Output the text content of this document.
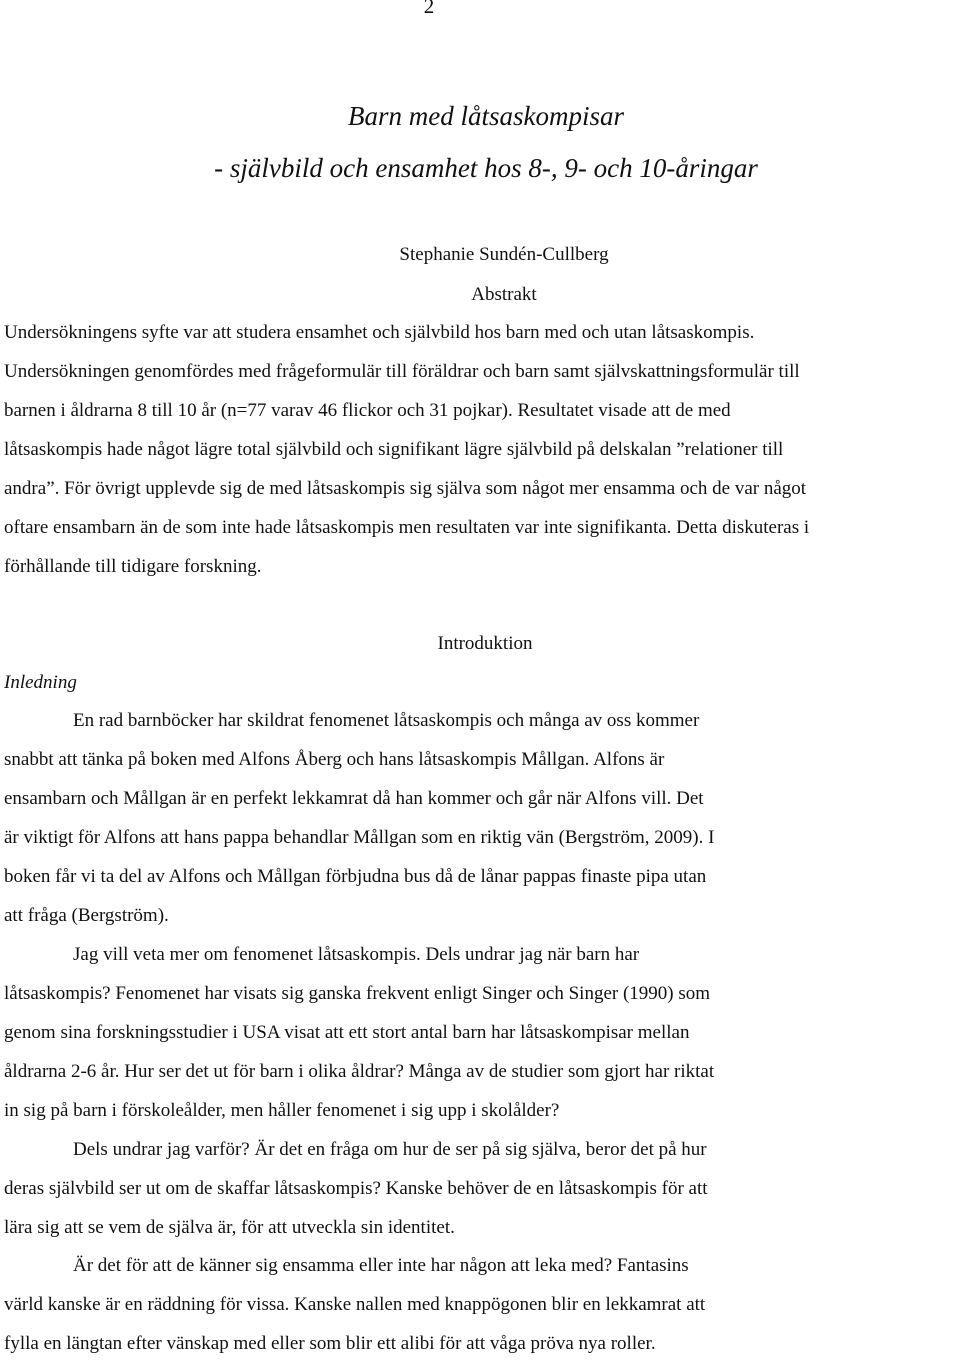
2
Barn med låtsaskompisar
- självbild och ensamhet hos 8-, 9- och 10-åringar
Stephanie Sundén-Cullberg
Abstrakt
Undersökningens syfte var att studera ensamhet och självbild hos barn med och utan låtsaskompis.
Undersökningen genomfördes med frågeformulär till föräldrar och barn samt självskattningsformulär till
barnen i åldrarna 8 till 10 år (n=77 varav 46 flickor och 31 pojkar). Resultatet visade att de med
låtsaskompis hade något lägre total självbild och signifikant lägre självbild på delskalan ”relationer till
andra”. För övrigt upplevde sig de med låtsaskompis sig själva som något mer ensamma och de var något
oftare ensambarn än de som inte hade låtsaskompis men resultaten var inte signifikanta. Detta diskuteras i
förhållande till tidigare forskning.
Introduktion
Inledning
En rad barnböcker har skildrat fenomenet låtsaskompis och många av oss kommer
snabbt att tänka på boken med Alfons Åberg och hans låtsaskompis Mållgan. Alfons är
ensambarn och Mållgan är en perfekt lekkamrat då han kommer och går när Alfons vill. Det
är viktigt för Alfons att hans pappa behandlar Mållgan som en riktig vän (Bergström, 2009). I
boken får vi ta del av Alfons och Mållgan förbjudna bus då de lånar pappas finaste pipa utan
att fråga (Bergström).
Jag vill veta mer om fenomenet låtsaskompis. Dels undrar jag när barn har
låtsaskompis? Fenomenet har visats sig ganska frekvent enligt Singer och Singer (1990) som
genom sina forskningsstudier i USA visat att ett stort antal barn har låtsaskompisar mellan
åldrarna 2-6 år. Hur ser det ut för barn i olika åldrar? Många av de studier som gjort har riktat
in sig på barn i förskoleålder, men håller fenomenet i sig upp i skolålder?
Dels undrar jag varför? Är det en fråga om hur de ser på sig själva, beror det på hur
deras självbild ser ut om de skaffar låtsaskompis? Kanske behöver de en låtsaskompis för att
lära sig att se vem de själva är, för att utveckla sin identitet.
Är det för att de känner sig ensamma eller inte har någon att leka med? Fantasins
värld kanske är en räddning för vissa. Kanske nallen med knappögonen blir en lekkamrat att
fylla en längtan efter vänskap med eller som blir ett alibi för att våga pröva nya roller.
